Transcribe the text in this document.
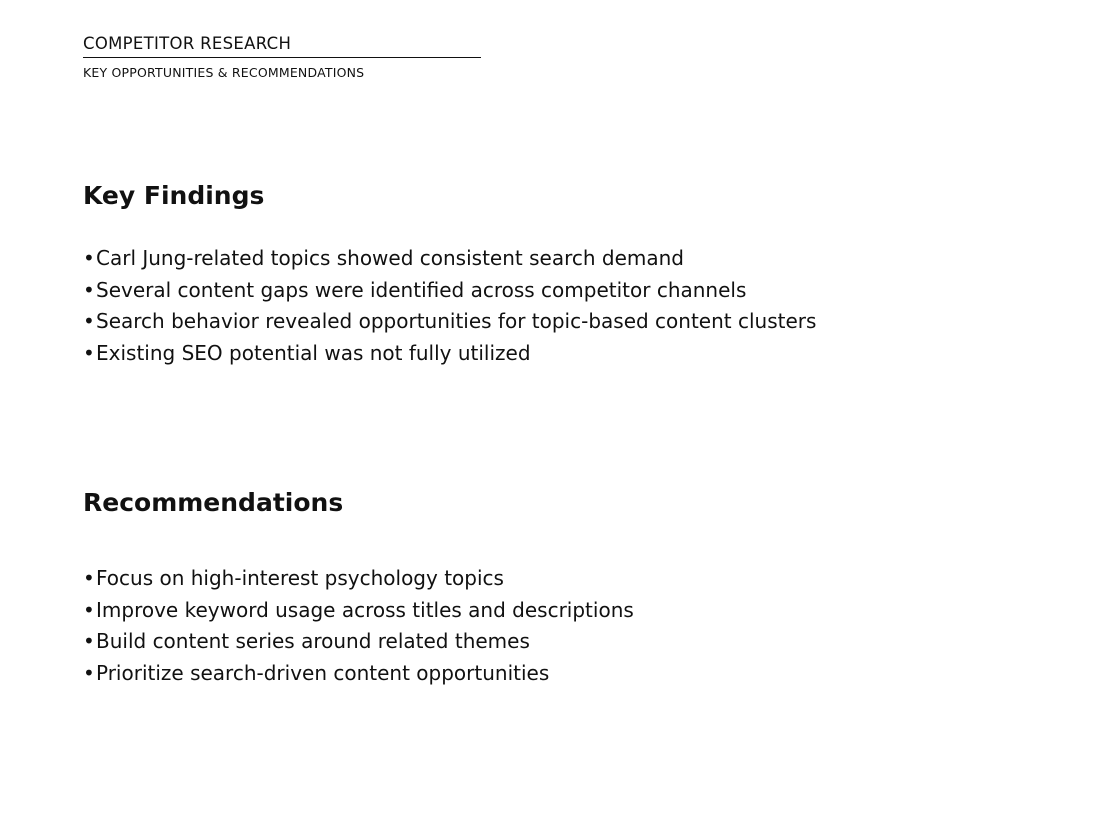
COMPETITOR RESEARCH
KEY OPPORTUNITIES & RECOMMENDATIONS
Key Findings
• Carl Jung-related topics showed consistent search demand
• Several content gaps were identified across competitor channels
• Search behavior revealed opportunities for topic-based content clusters
• Existing SEO potential was not fully utilized
Recommendations
• Focus on high-interest psychology topics
• Improve keyword usage across titles and descriptions
• Build content series around related themes
• Prioritize search-driven content opportunities
